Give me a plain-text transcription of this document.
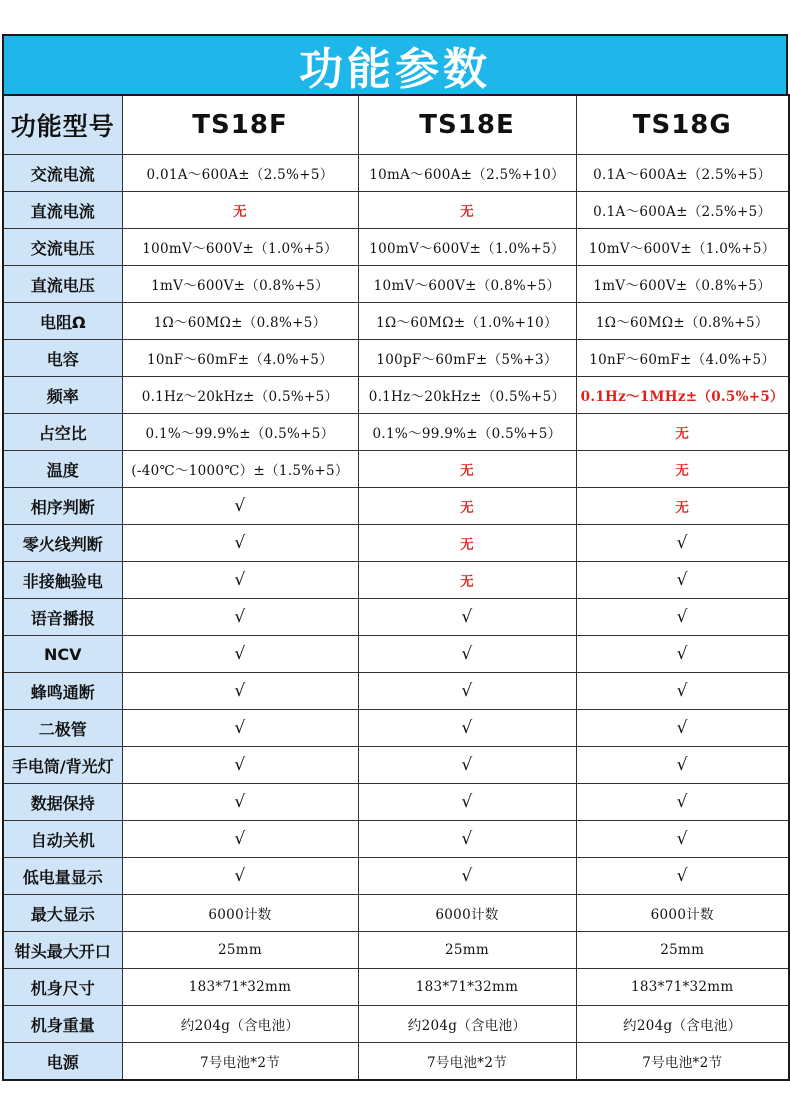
功能参数
功能型号	TS18F	TS18E	TS18G
交流电流	0.01A～600A±（2.5%+5）	10mA～600A±（2.5%+10）	0.1A～600A±（2.5%+5）
直流电流	无	无	0.1A～600A±（2.5%+5）
交流电压	100mV～600V±（1.0%+5）	100mV～600V±（1.0%+5）	10mV～600V±（1.0%+5）
直流电压	1mV～600V±（0.8%+5）	10mV～600V±（0.8%+5）	1mV～600V±（0.8%+5）
电阻Ω	1Ω～60MΩ±（0.8%+5）	1Ω～60MΩ±（1.0%+10）	1Ω～60MΩ±（0.8%+5）
电容	10nF～60mF±（4.0%+5）	100pF～60mF±（5%+3）	10nF～60mF±（4.0%+5）
频率	0.1Hz～20kHz±（0.5%+5）	0.1Hz～20kHz±（0.5%+5）	0.1Hz～1MHz±（0.5%+5）
占空比	0.1%～99.9%±（0.5%+5）	0.1%～99.9%±（0.5%+5）	无
温度	(-40℃～1000℃）±（1.5%+5）	无	无
相序判断	√	无	无
零火线判断	√	无	√
非接触验电	√	无	√
语音播报	√	√	√
NCV	√	√	√
蜂鸣通断	√	√	√
二极管	√	√	√
手电筒/背光灯	√	√	√
数据保持	√	√	√
自动关机	√	√	√
低电量显示	√	√	√
最大显示	6000计数	6000计数	6000计数
钳头最大开口	25mm	25mm	25mm
机身尺寸	183*71*32mm	183*71*32mm	183*71*32mm
机身重量	约204g（含电池）	约204g（含电池）	约204g（含电池）
电源	7号电池*2节	7号电池*2节	7号电池*2节
